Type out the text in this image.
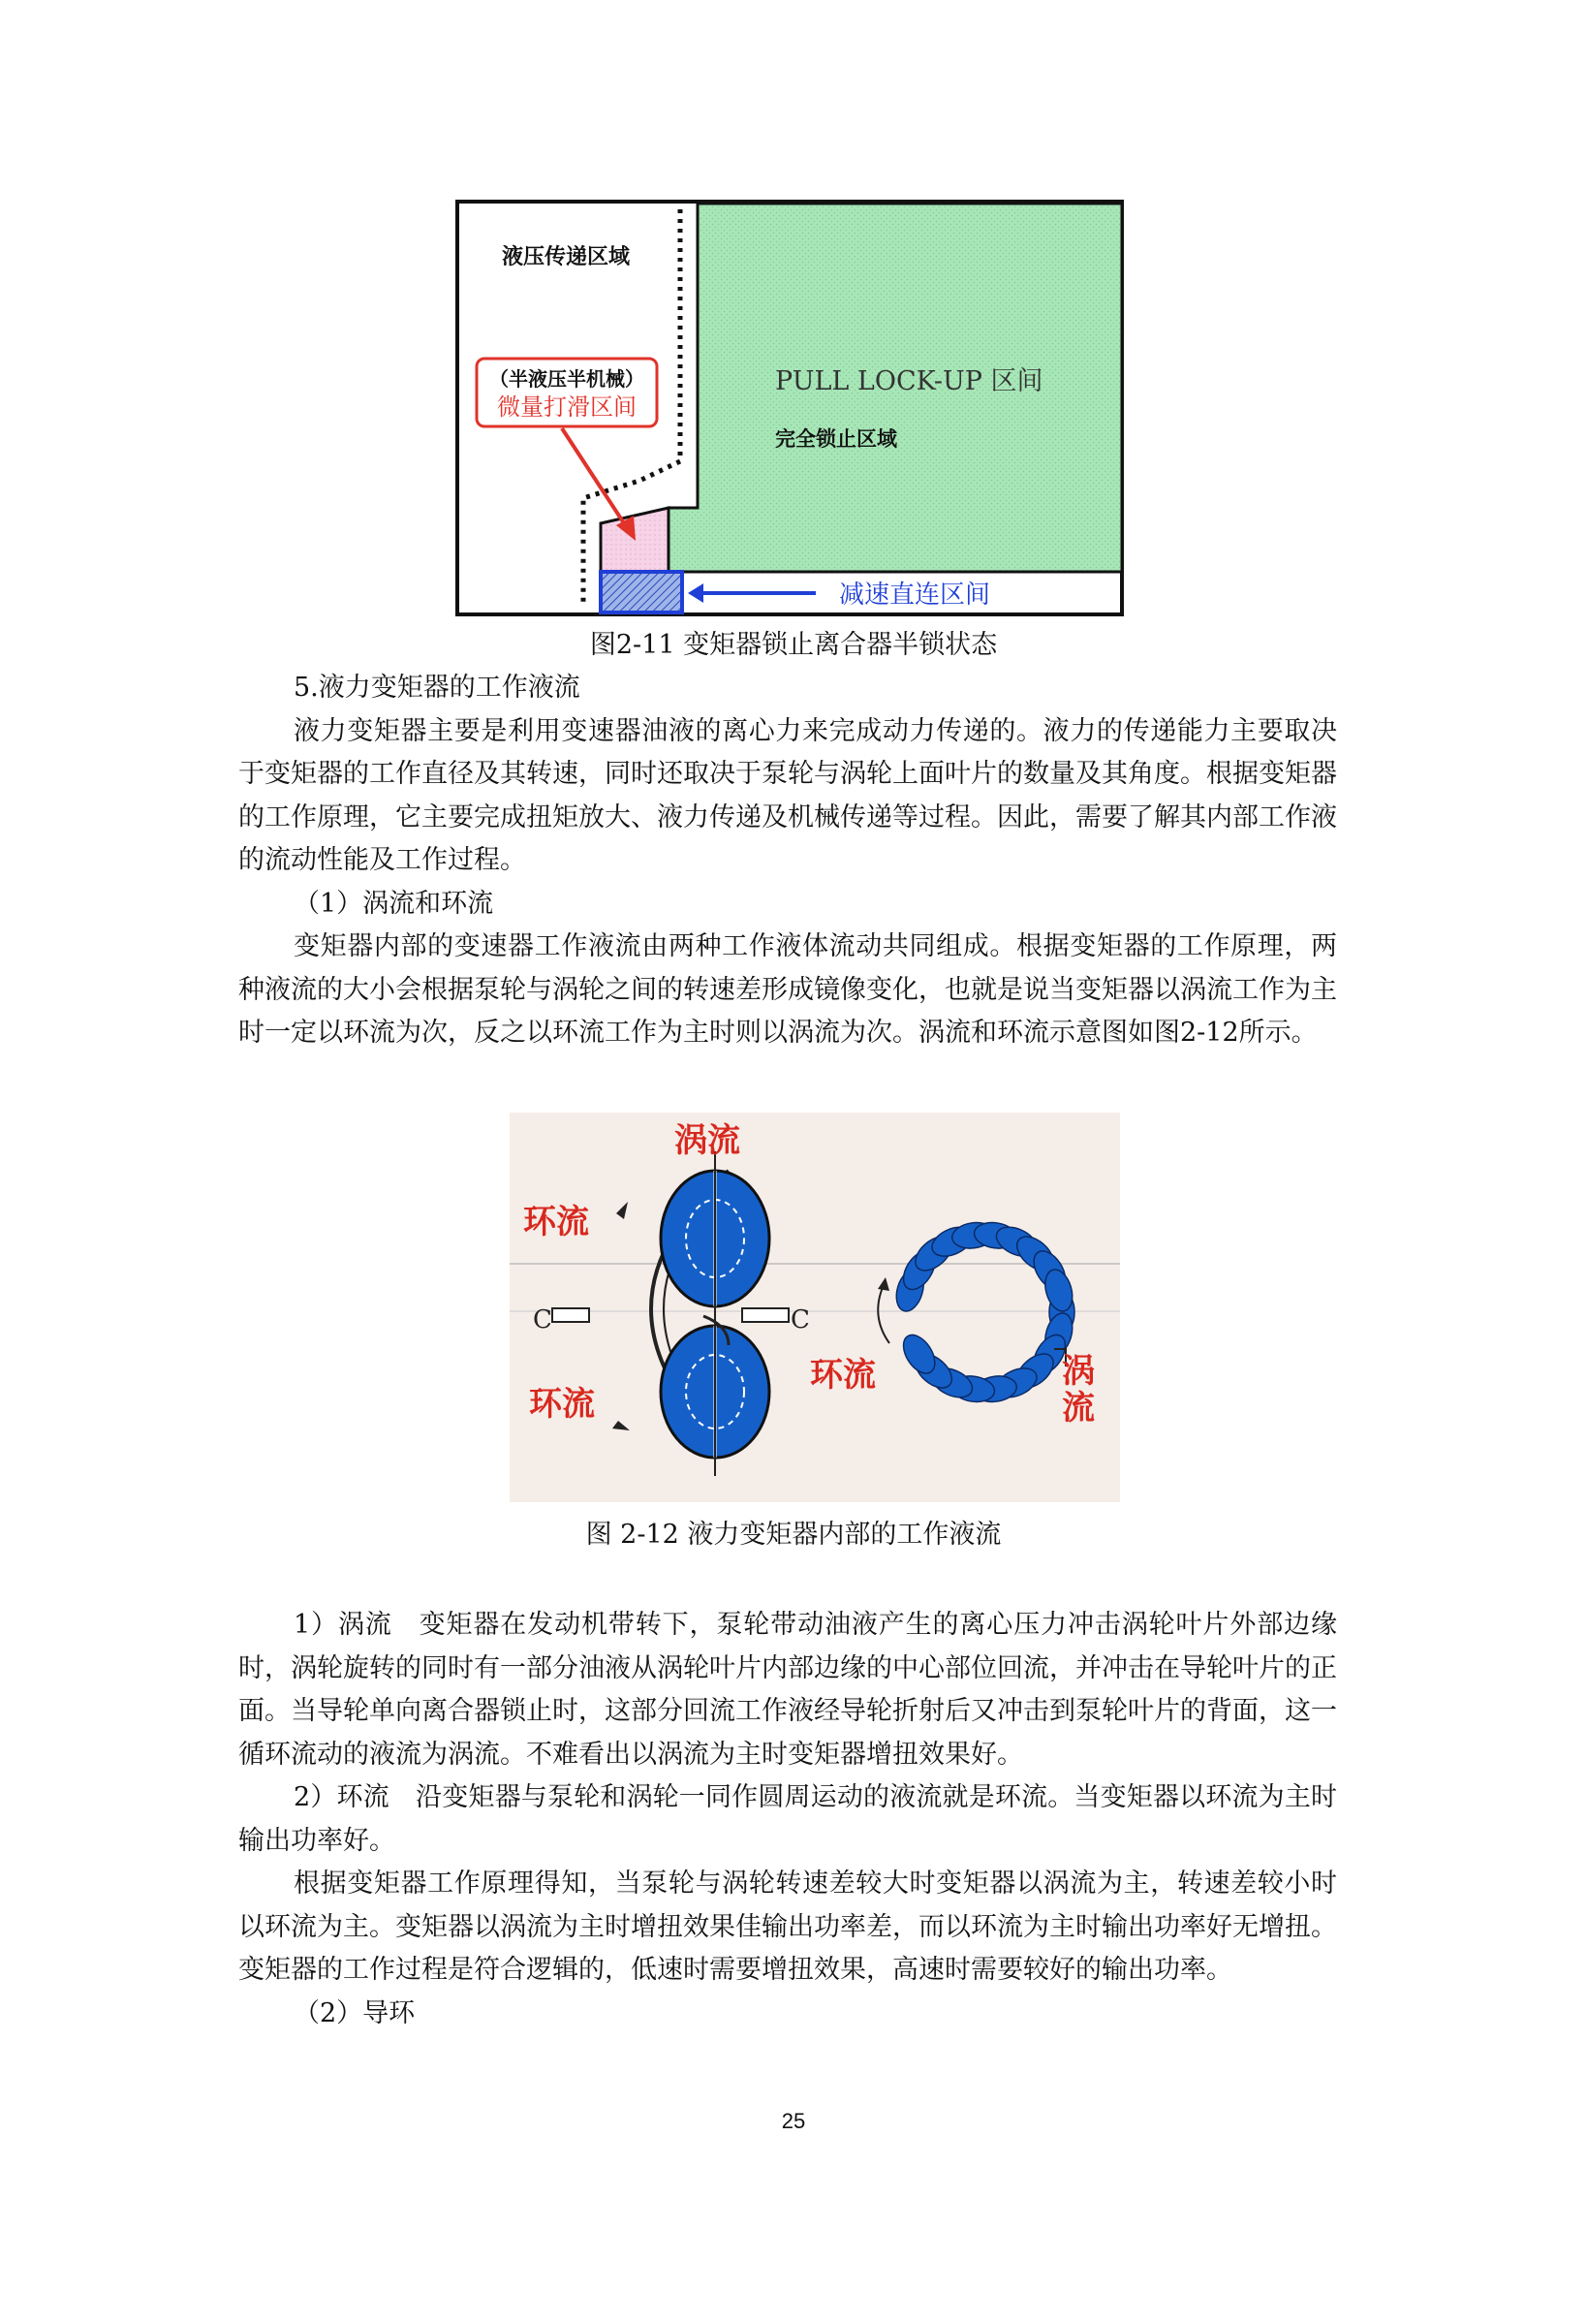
液压传递区域
（半液压半机械）
微量打滑区间
PULL LOCK-UP 区间
完全锁止区域
减速直连区间
图2-11 变矩器锁止离合器半锁状态

5.液力变矩器的工作液流

液力变矩器主要是利用变速器油液的离心力来完成动力传递的。液力的传递能力主要取决于变矩器的工作直径及其转速，同时还取决于泵轮与涡轮上面叶片的数量及其角度。根据变矩器的工作原理，它主要完成扭矩放大、液力传递及机械传递等过程。因此，需要了解其内部工作液的流动性能及工作过程。

（1）涡流和环流

变矩器内部的变速器工作液流由两种工作液体流动共同组成。根据变矩器的工作原理，两种液流的大小会根据泵轮与涡轮之间的转速差形成镜像变化，也就是说当变矩器以涡流工作为主时一定以环流为次，反之以环流工作为主时则以涡流为次。涡流和环流示意图如图2-12所示。

C	C
涡流
环流
环流
环流	涡
流
图 2-12 液力变矩器内部的工作液流

1）涡流　变矩器在发动机带转下，泵轮带动油液产生的离心压力冲击涡轮叶片外部边缘时，涡轮旋转的同时有一部分油液从涡轮叶片内部边缘的中心部位回流，并冲击在导轮叶片的正面。当导轮单向离合器锁止时，这部分回流工作液经导轮折射后又冲击到泵轮叶片的背面，这一循环流动的液流为涡流。不难看出以涡流为主时变矩器增扭效果好。

2）环流　沿变矩器与泵轮和涡轮一同作圆周运动的液流就是环流。当变矩器以环流为主时输出功率好。

根据变矩器工作原理得知，当泵轮与涡轮转速差较大时变矩器以涡流为主，转速差较小时以环流为主。变矩器以涡流为主时增扭效果佳输出功率差，而以环流为主时输出功率好无增扭。变矩器的工作过程是符合逻辑的，低速时需要增扭效果，高速时需要较好的输出功率。

（2）导环

25
